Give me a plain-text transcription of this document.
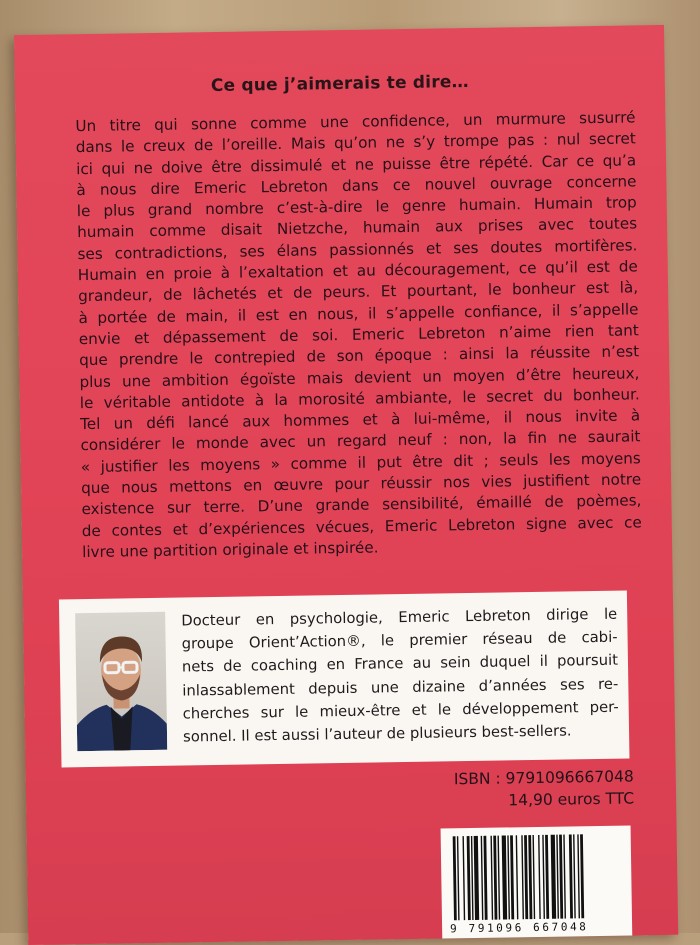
Ce que j’aimerais te dire…
Un titre qui sonne comme une confidence, un murmure susurré
dans le creux de l’oreille. Mais qu’on ne s’y trompe pas : nul secret
ici qui ne doive être dissimulé et ne puisse être répété. Car ce qu’a
à nous dire Emeric Lebreton dans ce nouvel ouvrage concerne
le plus grand nombre c’est-à-dire le genre humain. Humain trop
humain comme disait Nietzche, humain aux prises avec toutes
ses contradictions, ses élans passionnés et ses doutes mortifères.
Humain en proie à l’exaltation et au découragement, ce qu’il est de
grandeur, de lâchetés et de peurs. Et pourtant, le bonheur est là,
à portée de main, il est en nous, il s’appelle confiance, il s’appelle
envie et dépassement de soi. Emeric Lebreton n’aime rien tant
que prendre le contrepied de son époque : ainsi la réussite n’est
plus une ambition égoïste mais devient un moyen d’être heureux,
le véritable antidote à la morosité ambiante, le secret du bonheur.
Tel un défi lancé aux hommes et à lui-même, il nous invite à
considérer le monde avec un regard neuf : non, la fin ne saurait
« justifier les moyens » comme il put être dit ; seuls les moyens
que nous mettons en œuvre pour réussir nos vies justifient notre
existence sur terre. D’une grande sensibilité, émaillé de poèmes,
de contes et d’expériences vécues, Emeric Lebreton signe avec ce
livre une partition originale et inspirée.
Docteur en psychologie, Emeric Lebreton dirige le
groupe Orient’Action®, le premier réseau de cabi-
nets de coaching en France au sein duquel il poursuit
inlassablement depuis une dizaine d’années ses re-
cherches sur le mieux-être et le développement per-
sonnel. Il est aussi l’auteur de plusieurs best-sellers.
ISBN : 9791096667048
14,90 euros TTC
9 791096 667048
